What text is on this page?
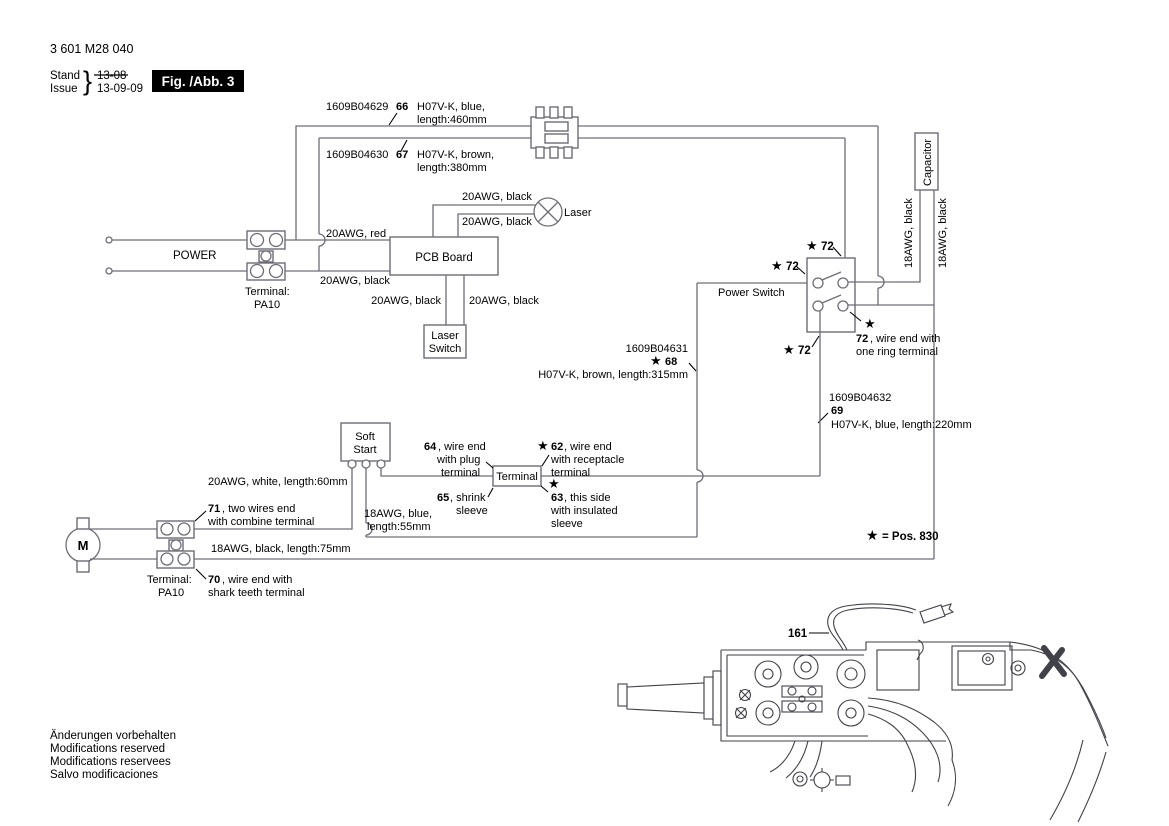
3 601 M28 040
Stand
Issue } 13-08
13-09-09 Fig. /Abb. 3
1609B04629 66 H07V-K, blue,
length:460mm
1609B04630 67 H07V-K, brown,
length:380mm
POWER
Terminal:
PA10
20AWG, red
20AWG, black
PCB Board
20AWG, black
20AWG, black
Laser
20AWG, black	20AWG, black
Laser
Switch
Power Switch
Capacitor
18AWG, black 18AWG, black
★ 72
★ 72
★ 72
★
72 , wire end with
one ring terminal
1609B04631
★ 68
H07V-K, brown, length:315mm
1609B04632
69
H07V-K, blue, length:220mm
Soft
Start
Terminal
64 , wire end
with plug
terminal
★ 62 , wire end
with receptacle
terminal
★
63 , this side
with insulated
sleeve
65 , shrink
sleeve
20AWG, white, length:60mm
71 , two wires end
with combine terminal
18AWG, blue,
length:55mm
M	18AWG, black, length:75mm
Terminal:
PA10
70 , wire end with
shark teeth terminal
★ = Pos. 830
161
Änderungen vorbehalten
Modifications reserved
Modifications reservees
Salvo modificaciones
